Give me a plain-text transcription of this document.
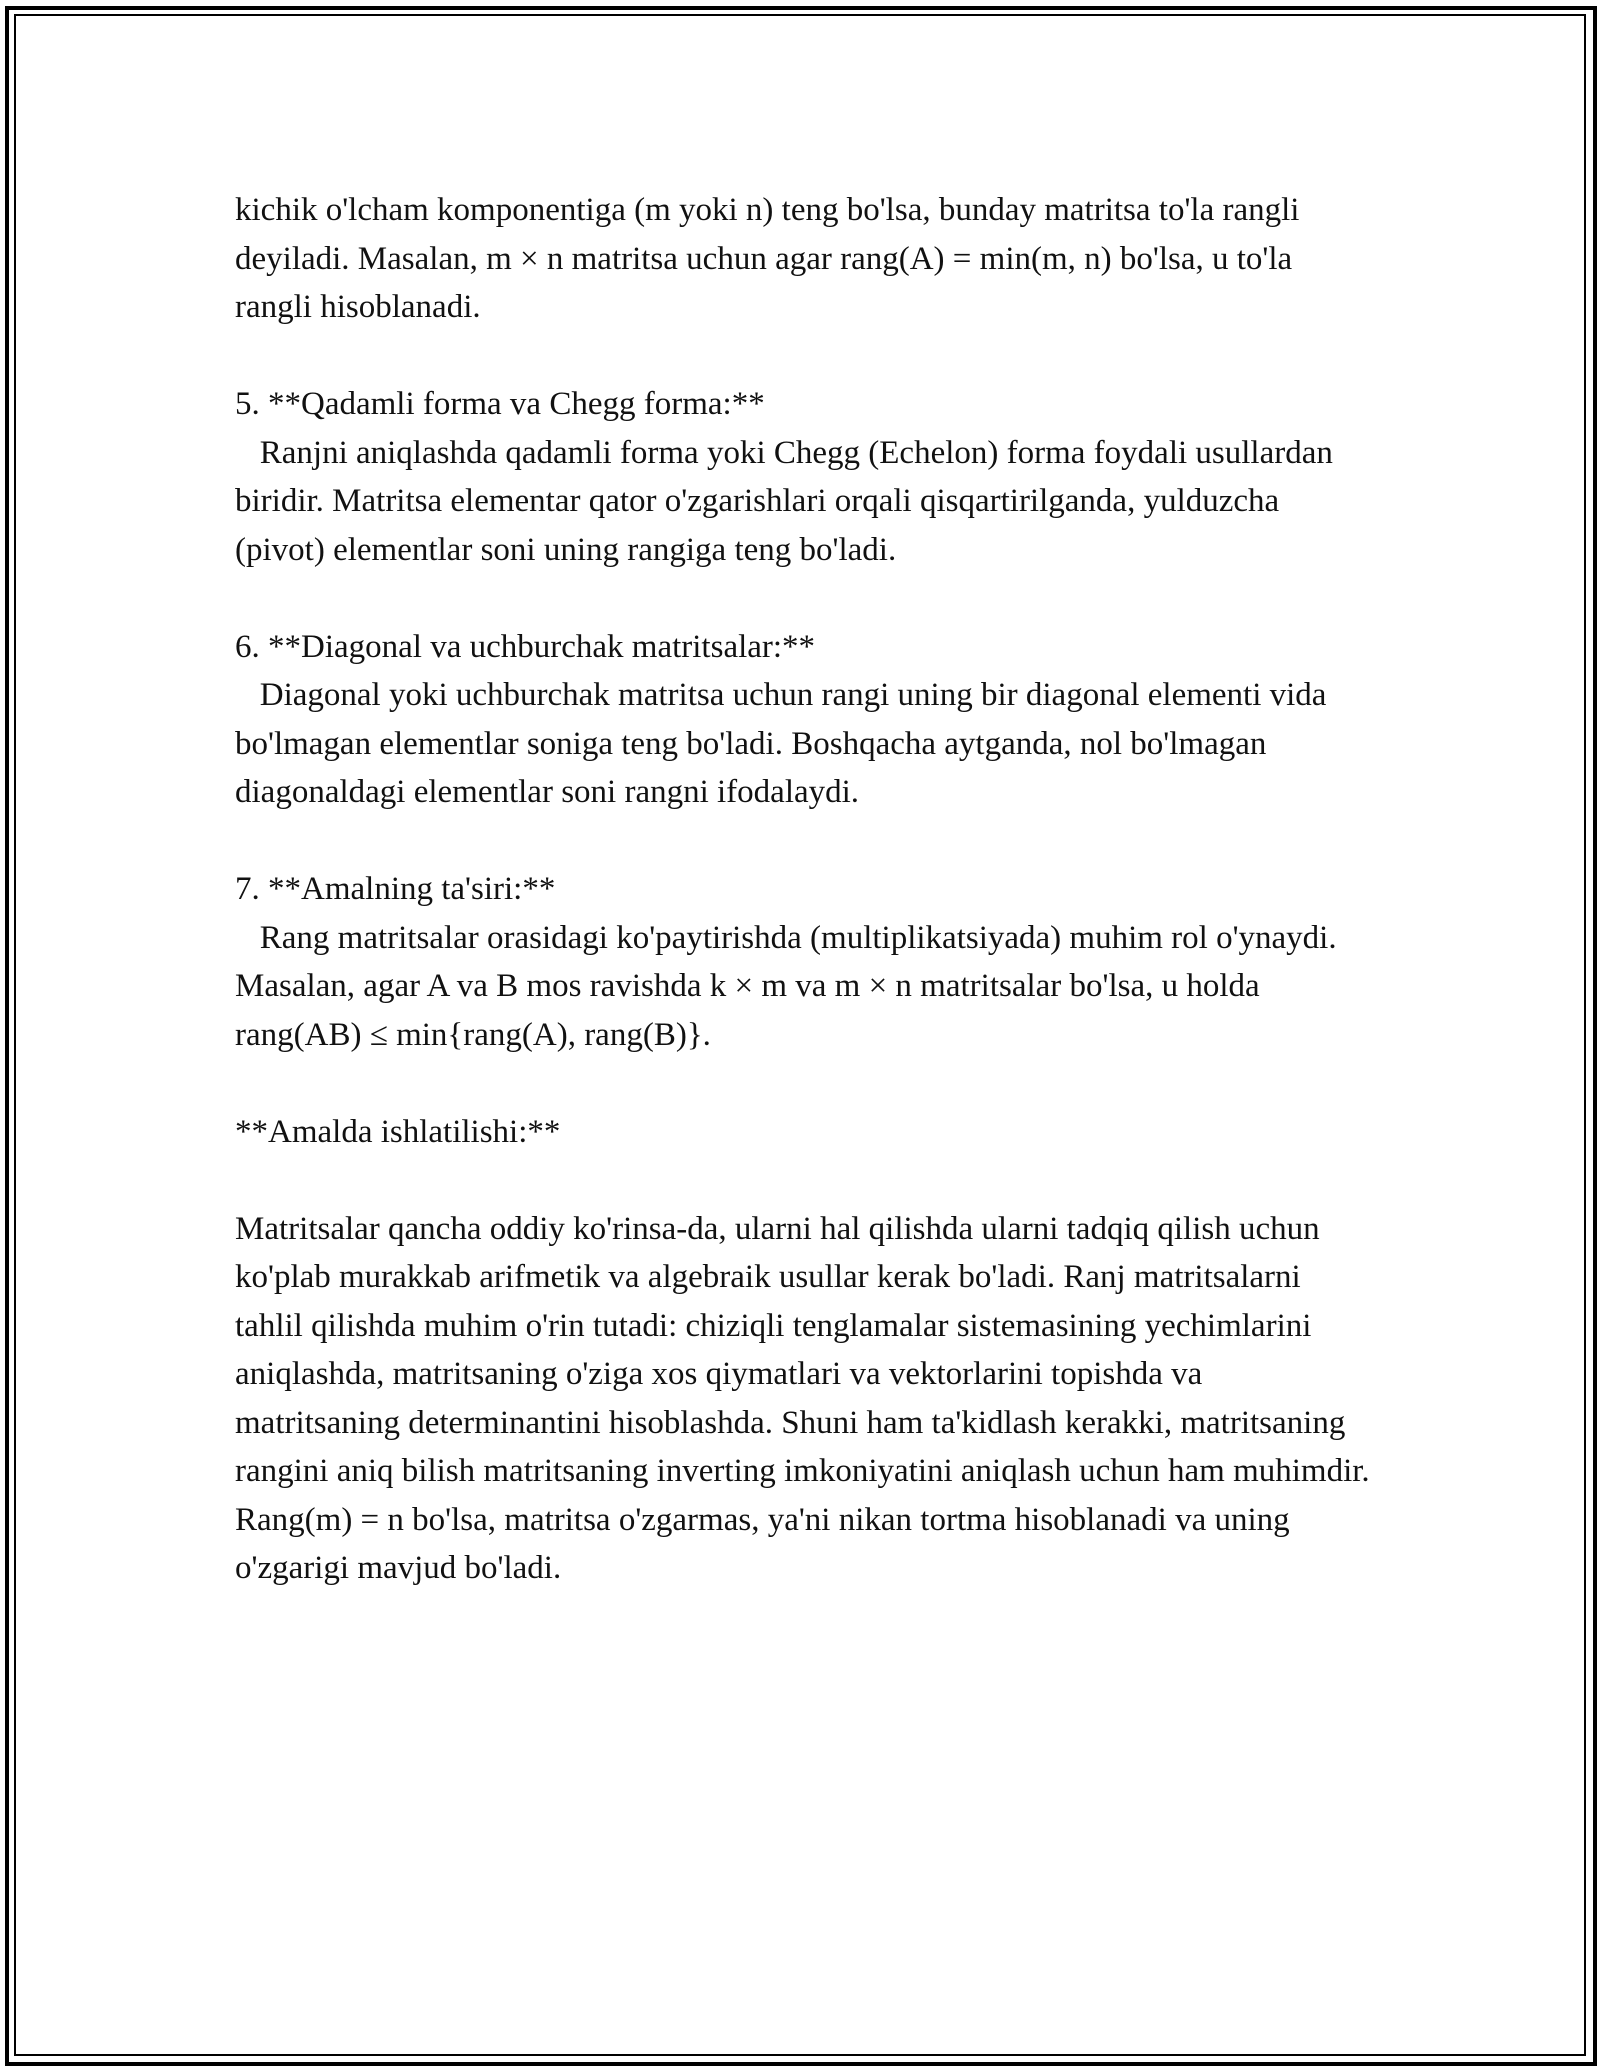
kichik o'lcham komponentiga (m yoki n) teng bo'lsa, bunday matritsa to'la rangli deyiladi. Masalan, m × n matritsa uchun agar rang(A) = min(m, n) bo'lsa, u to'la rangli hisoblanadi.

5. **Qadamli forma va Chegg forma:**

Ranjni aniqlashda qadamli forma yoki Chegg (Echelon) forma foydali usullardan biridir. Matritsa elementar qator o'zgarishlari orqali qisqartirilganda, yulduzcha (pivot) elementlar soni uning rangiga teng bo'ladi.

6. **Diagonal va uchburchak matritsalar:**

Diagonal yoki uchburchak matritsa uchun rangi uning bir diagonal elementi vida bo'lmagan elementlar soniga teng bo'ladi. Boshqacha aytganda, nol bo'lmagan diagonaldagi elementlar soni rangni ifodalaydi.

7. **Amalning ta'siri:**

Rang matritsalar orasidagi ko'paytirishda (multiplikatsiyada) muhim rol o'ynaydi. Masalan, agar A va B mos ravishda k × m va m × n matritsalar bo'lsa, u holda rang(AB) ≤ min{rang(A), rang(B)}.

**Amalda ishlatilishi:**

Matritsalar qancha oddiy ko'rinsa-da, ularni hal qilishda ularni tadqiq qilish uchun ko'plab murakkab arifmetik va algebraik usullar kerak bo'ladi. Ranj matritsalarni tahlil qilishda muhim o'rin tutadi: chiziqli tenglamalar sistemasining yechimlarini aniqlashda, matritsaning o'ziga xos qiymatlari va vektorlarini topishda va matritsaning determinantini hisoblashda. Shuni ham ta'kidlash kerakki, matritsaning rangini aniq bilish matritsaning inverting imkoniyatini aniqlash uchun ham muhimdir. Rang(m) = n bo'lsa, matritsa o'zgarmas, ya'ni nikan tortma hisoblanadi va uning o'zgarigi mavjud bo'ladi.
